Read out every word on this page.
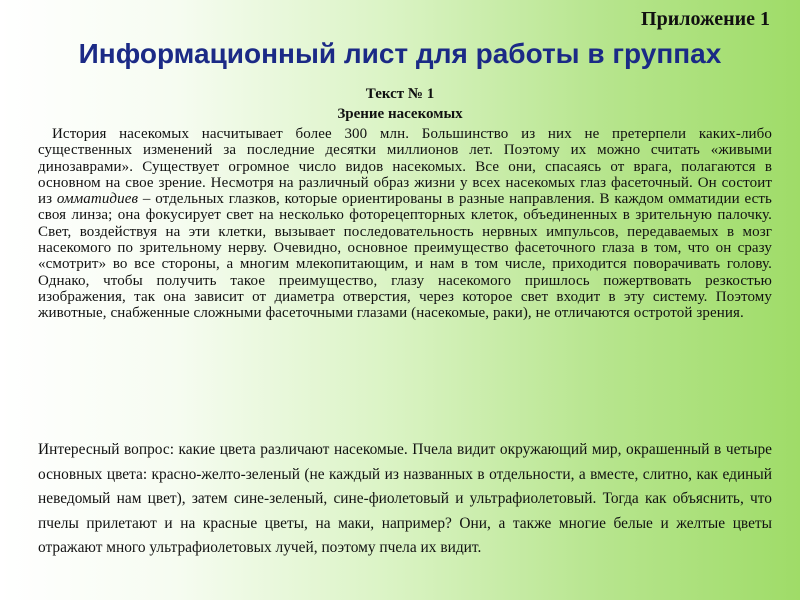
Приложение 1
Информационный лист для работы в группах
Текст № 1
Зрение насекомых

История насекомых насчитывает более 300 млн. Большинство из них не претерпели каких-либо существенных изменений за последние десятки миллионов лет. Поэтому их можно считать «живыми динозаврами». Существует огромное число видов насекомых. Все они, спасаясь от врага, полагаются в основном на свое зрение. Несмотря на различный образ жизни у всех насекомых глаз фасеточный. Он состоит из омматидиев – отдельных глазков, которые ориентированы в разные направления. В каждом омматидии есть своя линза; она фокусирует свет на несколько фоторецепторных клеток, объединенных в зрительную палочку. Свет, воздействуя на эти клетки, вызывает последовательность нервных импульсов, передаваемых в мозг насекомого по зрительному нерву. Очевидно, основное преимущество фасеточного глаза в том, что он сразу «смотрит» во все стороны, а многим млекопитающим, и нам в том числе, приходится поворачивать голову. Однако, чтобы получить такое преимущество, глазу насекомого пришлось пожертвовать резкостью изображения, так она зависит от диаметра отверстия, через которое свет входит в эту систему. Поэтому животные, снабженные сложными фасеточными глазами (насекомые, раки), не отличаются остротой зрения.

Интересный вопрос: какие цвета различают насекомые. Пчела видит окружающий мир, окрашенный в четыре основных цвета: красно-желто-зеленый (не каждый из названных в отдельности, а вместе, слитно, как единый неведомый нам цвет), затем сине-зеленый, сине-фиолетовый и ультрафиолетовый. Тогда как объяснить, что пчелы прилетают и на красные цветы, на маки, например? Они, а также многие белые и желтые цветы отражают много ультрафиолетовых лучей, поэтому пчела их видит.
